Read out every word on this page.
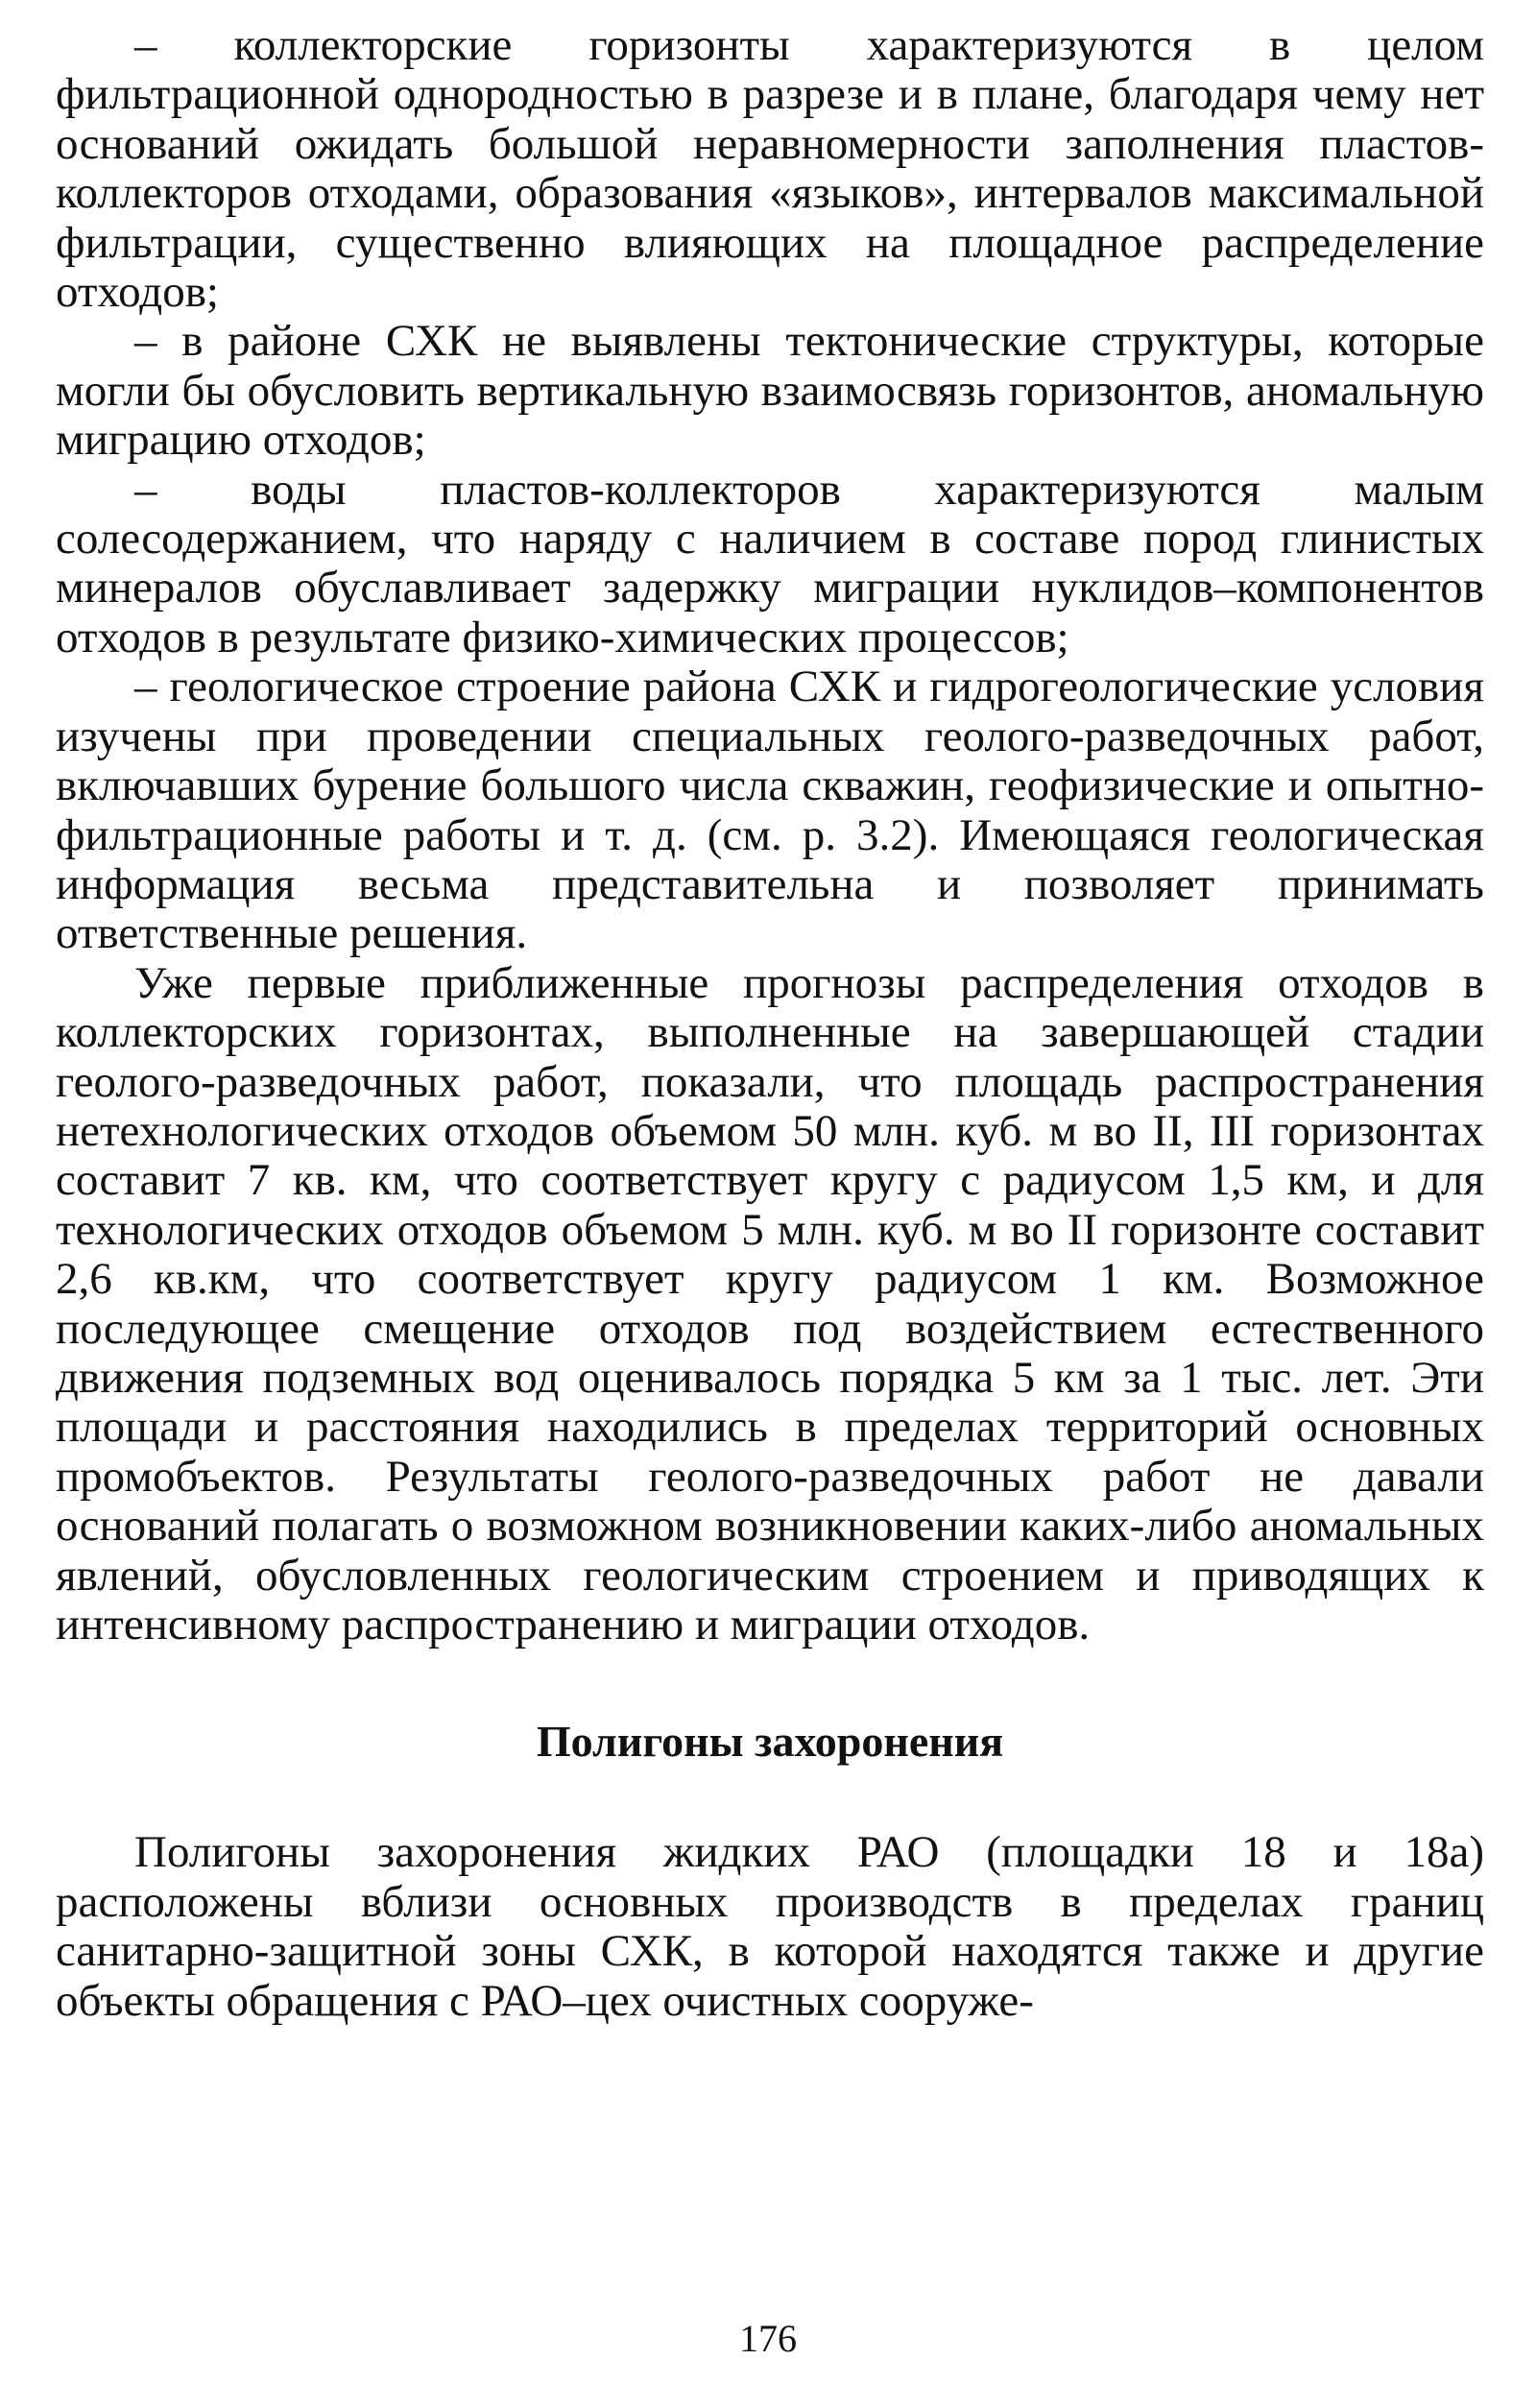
– коллекторские горизонты характеризуются в целом фильтрационной однородностью в разрезе и в плане, благодаря чему нет оснований ожидать большой неравномерности заполнения пластов-коллекторов отходами, образования «языков», интервалов максимальной фильтрации, существенно влияющих на площадное распределение отходов;

– в районе СХК не выявлены тектонические структуры, которые могли бы обусловить вертикальную взаимосвязь горизонтов, аномальную миграцию отходов;

– воды пластов-коллекторов характеризуются малым солесодержанием, что наряду с наличием в составе пород глинистых минералов обуславливает задержку миграции нуклидов–компонентов отходов в результате физико-химических процессов;

– геологическое строение района СХК и гидрогеологические условия изучены при проведении специальных геолого-разведочных работ, включавших бурение большого числа скважин, геофизические и опытно-фильтрационные работы и т. д. (см. р. 3.2). Имеющаяся геологическая информация весьма представительна и позволяет принимать ответственные решения.

Уже первые приближенные прогнозы распределения отходов в коллекторских горизонтах, выполненные на завершающей стадии геолого-разведочных работ, показали, что площадь распространения нетехнологических отходов объемом 50 млн. куб. м во II, III горизонтах составит 7 кв. км, что соответствует кругу с радиусом 1,5 км, и для технологических отходов объемом 5 млн. куб. м во II горизонте составит 2,6 кв.км, что соответствует кругу радиусом 1 км. Возможное последующее смещение отходов под воздействием естественного движения подземных вод оценивалось порядка 5 км за 1 тыс. лет. Эти площади и расстояния находились в пределах территорий основных промобъектов. Результаты геолого-разведочных работ не давали оснований полагать о возможном возникновении каких-либо аномальных явлений, обусловленных геологическим строением и приводящих к интенсивному распространению и миграции отходов.

Полигоны захоронения

Полигоны захоронения жидких РАО (площадки 18 и 18а) расположены вблизи основных производств в пределах границ санитарно-защитной зоны СХК, в которой находятся также и другие объекты обращения с РАО–цех очистных сооруже-

176
